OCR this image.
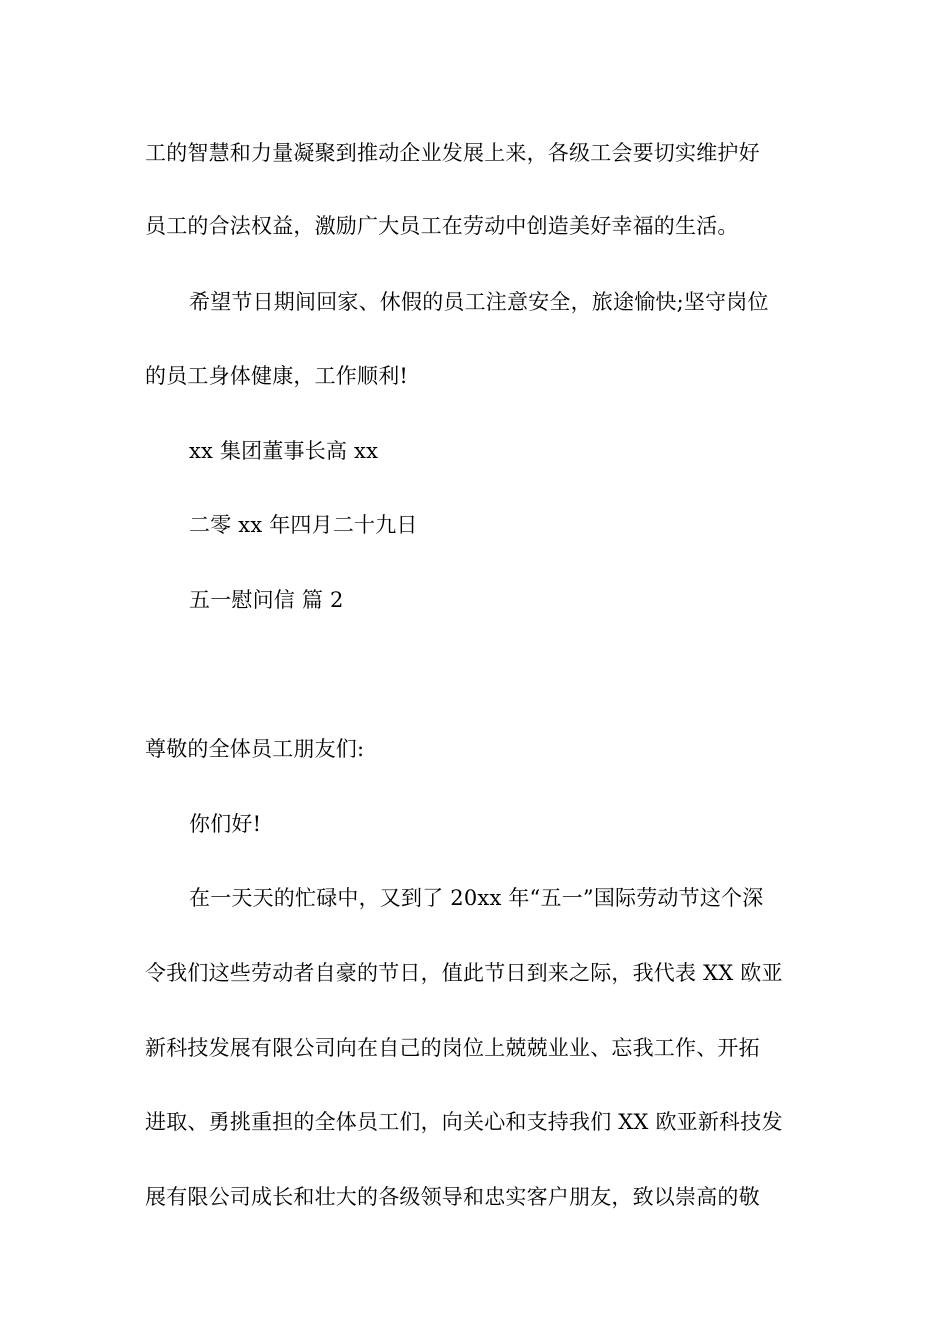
工的智慧和力量凝聚到推动企业发展上来，各级工会要切实维护好
员工的合法权益，激励广大员工在劳动中创造美好幸福的生活。
希望节日期间回家、休假的员工注意安全，旅途愉快;坚守岗位
的员工身体健康，工作顺利!
xx 集团董事长高 xx
二零 xx 年四月二十九日
五一慰问信 篇 2
尊敬的全体员工朋友们:
你们好!
在一天天的忙碌中，又到了 20xx 年“五一”国际劳动节这个深
令我们这些劳动者自豪的节日，值此节日到来之际，我代表 XX 欧亚
新科技发展有限公司向在自己的岗位上兢兢业业、忘我工作、开拓
进取、勇挑重担的全体员工们，向关心和支持我们 XX 欧亚新科技发
展有限公司成长和壮大的各级领导和忠实客户朋友，致以崇高的敬
